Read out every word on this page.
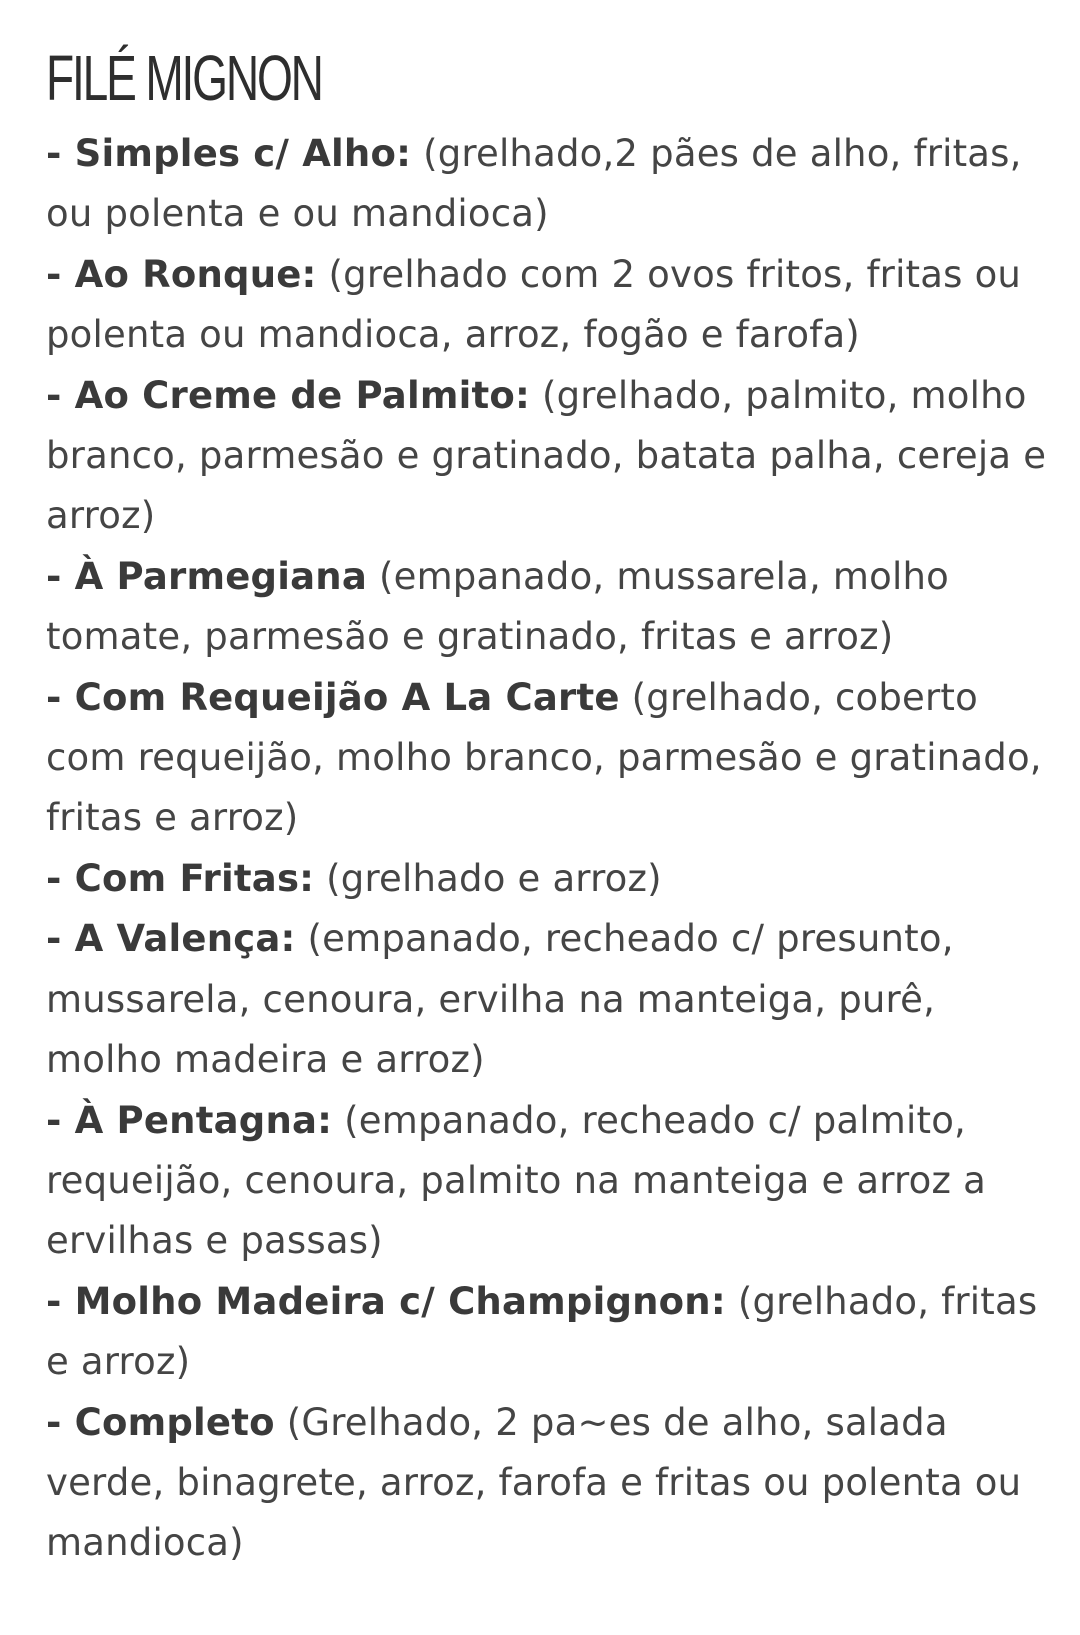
FILÉ MIGNON
- Simples c/ Alho: (grelhado,2 pães de alho, fritas, ou polenta e ou mandioca)
- Ao Ronque: (grelhado com 2 ovos fritos, fritas ou polenta ou mandioca, arroz, fogão e farofa)
- Ao Creme de Palmito: (grelhado, palmito, molho branco, parmesão e gratinado, batata palha, cereja e arroz)
- À Parmegiana (empanado, mussarela, molho tomate, parmesão e gratinado, fritas e arroz)
- Com Requeijão A La Carte (grelhado, coberto com requeijão, molho branco, parmesão e gratinado, fritas e arroz)
- Com Fritas: (grelhado e arroz)
- A Valença: (empanado, recheado c/ presunto, mussarela, cenoura, ervilha na manteiga, purê, molho madeira e arroz)
- À Pentagna: (empanado, recheado c/ palmito, requeijão, cenoura, palmito na manteiga e arroz a ervilhas e passas)
- Molho Madeira c/ Champignon: (grelhado, fritas e arroz)
- Completo (Grelhado, 2 pa~es de alho, salada verde, binagrete, arroz, farofa e fritas ou polenta ou mandioca)
